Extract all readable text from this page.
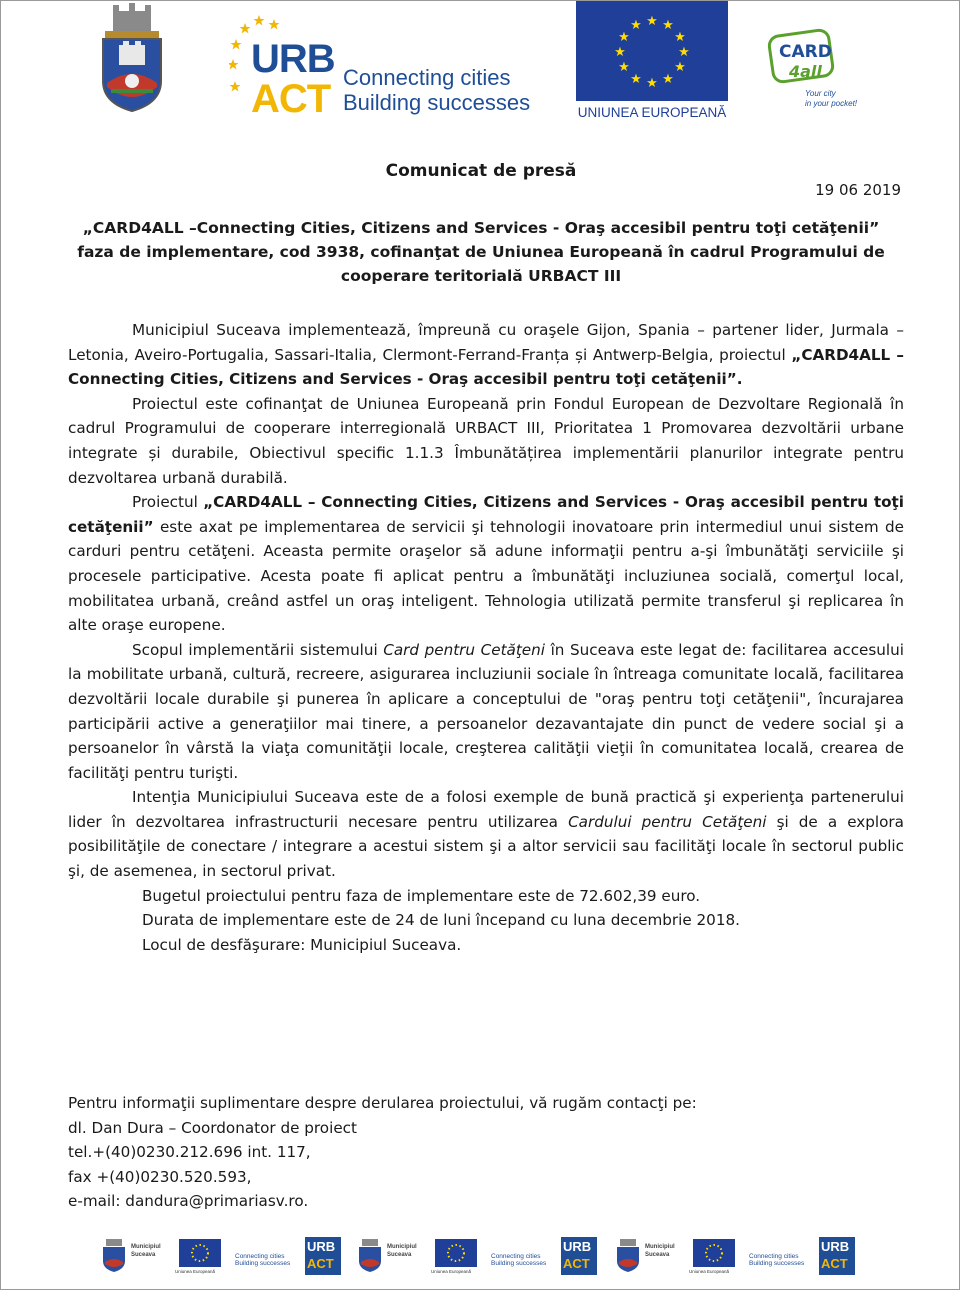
URB
ACT Connecting cities
Building successes
★ ★
★
★
★
★
★
★
★
★
★
★
UNIUNEA EUROPEANĂ
CARD
4all
Your city
in your pocket!
Comunicat de presă
19 06 2019
„CARD4ALL –Connecting Cities, Citizens and Services - Oraş accesibil pentru toţi cetăţenii”
faza de implementare, cod 3938, cofinanţat de Uniunea Europeană în cadrul Programului de
cooperare teritorială URBACT III

Municipiul Suceava implementează, împreună cu oraşele Gijon, Spania – partener lider, Jurmala – Letonia, Aveiro-Portugalia, Sassari-Italia, Clermont-Ferrand-Franța și Antwerp-Belgia, proiectul „CARD4ALL – Connecting Cities, Citizens and Services - Oraş accesibil pentru toţi cetăţenii”.

Proiectul este cofinanţat de Uniunea Europeană prin Fondul European de Dezvoltare Regională în cadrul Programului de cooperare interregională URBACT III, Prioritatea 1 Promovarea dezvoltării urbane integrate și durabile, Obiectivul specific 1.1.3 Îmbunătățirea implementării planurilor integrate pentru dezvoltarea urbană durabilă.

Proiectul „CARD4ALL – Connecting Cities, Citizens and Services - Oraş accesibil pentru toţi cetăţenii” este axat pe implementarea de servicii şi tehnologii inovatoare prin intermediul unui sistem de carduri pentru cetăţeni. Aceasta permite oraşelor să adune informaţii pentru a-şi îmbunătăţi serviciile şi procesele participative. Acesta poate fi aplicat pentru a îmbunătăţi incluziunea socială, comerţul local, mobilitatea urbană, creând astfel un oraş inteligent. Tehnologia utilizată permite transferul şi replicarea în alte oraşe europene.

Scopul implementării sistemului Card pentru Cetăţeni în Suceava este legat de: facilitarea accesului la mobilitate urbană, cultură, recreere, asigurarea incluziunii sociale în întreaga comunitate locală, facilitarea dezvoltării locale durabile şi punerea în aplicare a conceptului de "oraş pentru toţi cetăţenii", încurajarea participării active a generaţiilor mai tinere, a persoanelor dezavantajate din punct de vedere social şi a persoanelor în vârstă la viaţa comunităţii locale, creşterea calităţii vieţii în comunitatea locală, crearea de facilităţi pentru turişti.

Intenţia Municipiului Suceava este de a folosi exemple de bună practică şi experienţa partenerului lider în dezvoltarea infrastructurii necesare pentru utilizarea Cardului pentru Cetăţeni şi de a explora posibilităţile de conectare / integrare a acestui sistem şi a altor servicii sau facilităţi locale în sectorul public şi, de asemenea, in sectorul privat.

Bugetul proiectului pentru faza de implementare este de 72.602,39 euro.

Durata de implementare este de 24 de luni începand cu luna decembrie 2018.

Locul de desfăşurare: Municipiul Suceava.

Pentru informaţii suplimentare despre derularea proiectului, vă rugăm contacţi pe:
dl. Dan Dura – Coordonator de proiect
tel.+(40)0230.212.696 int. 117,
fax +(40)0230.520.593,
e-mail: dandura@primariasv.ro.
Municipiul
Suceava
Uniunea Europeană
Connecting cities
Building successes
URB
ACT
Municipiul
Suceava
Uniunea Europeană
Connecting cities
Building successes
URB
ACT
Municipiul
Suceava
Uniunea Europeană
Connecting cities
Building successes
URB
ACT
